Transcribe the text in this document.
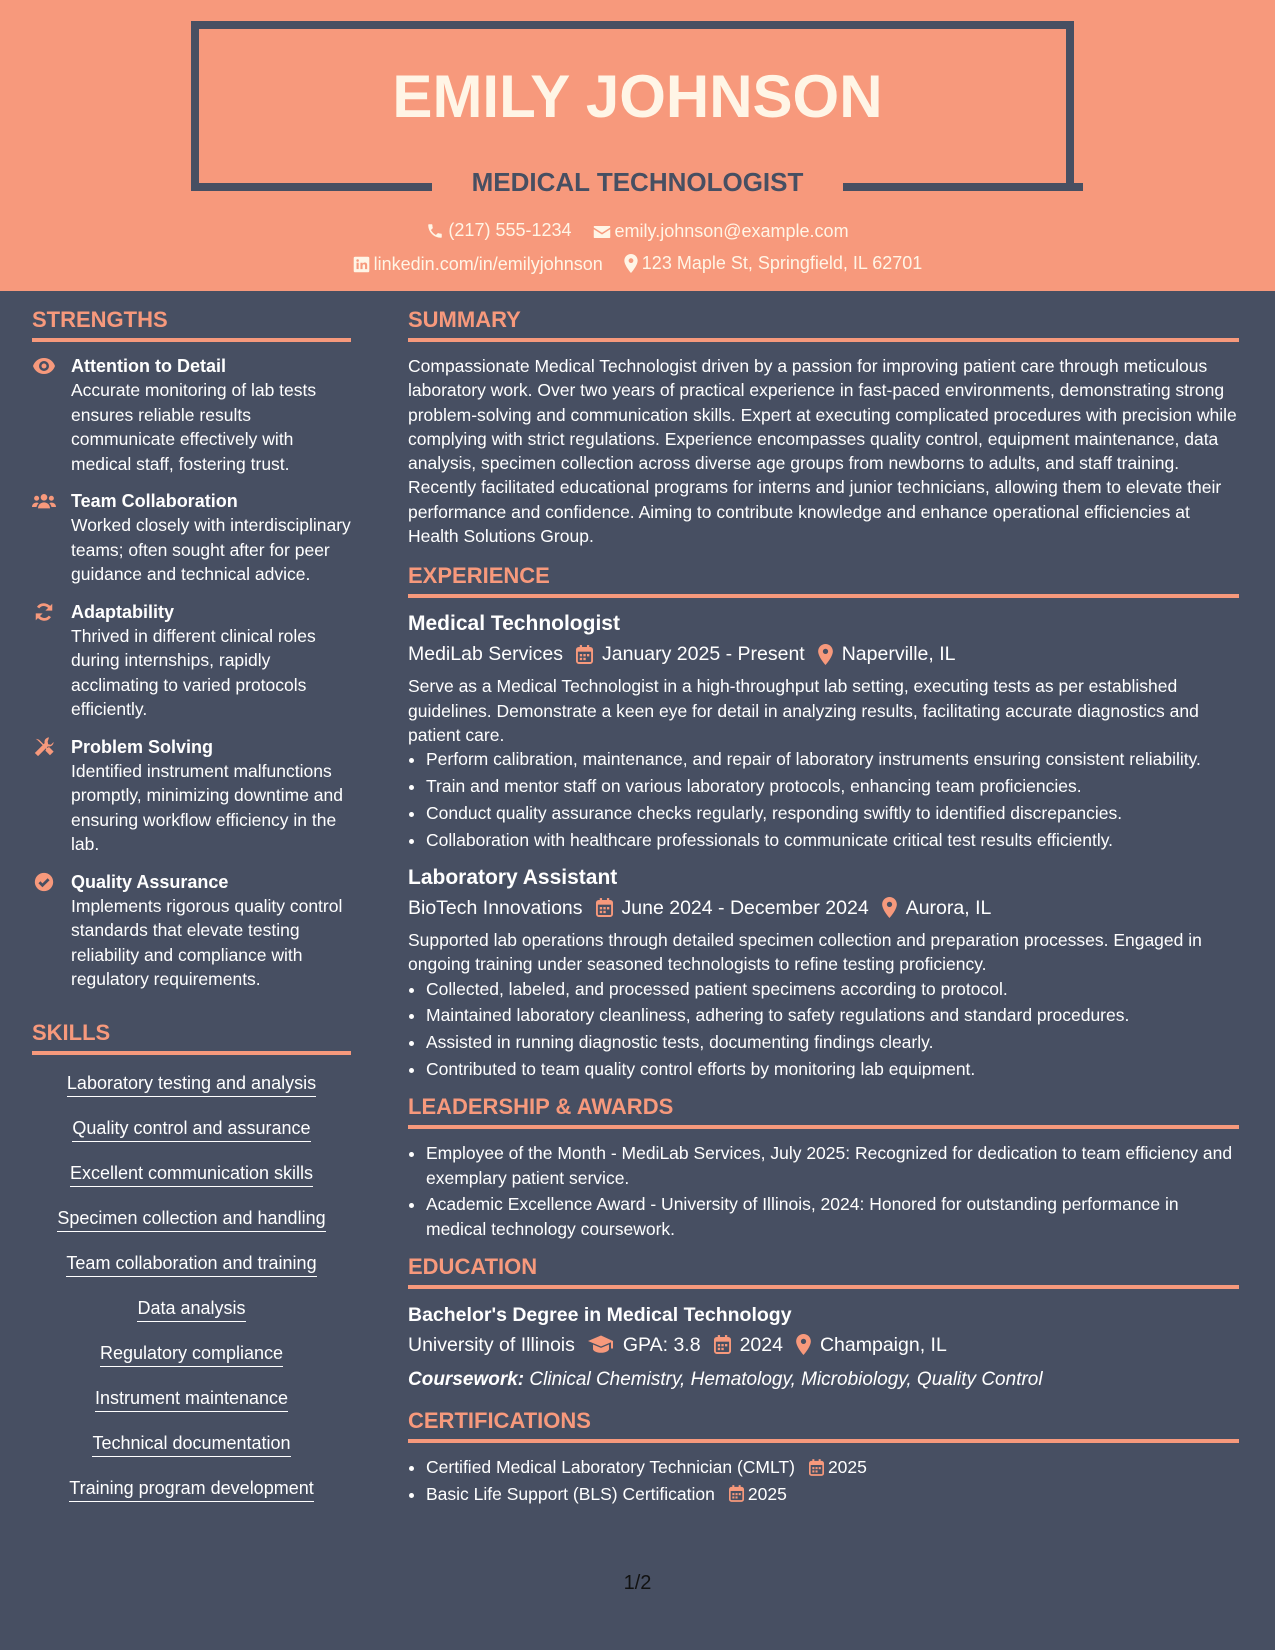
EMILY JOHNSON
MEDICAL TECHNOLOGIST
(217) 555-1234
emily.johnson@example.com
linkedin.com/in/emilyjohnson
123 Maple St, Springfield, IL 62701
STRENGTHS
Attention to Detail
Accurate monitoring of lab tests ensures reliable results communicate effectively with medical staff, fostering trust.
Team Collaboration
Worked closely with interdisciplinary teams; often sought after for peer guidance and technical advice.
Adaptability
Thrived in different clinical roles during internships, rapidly acclimating to varied protocols efficiently.
Problem Solving
Identified instrument malfunctions promptly, minimizing downtime and ensuring workflow efficiency in the lab.
Quality Assurance
Implements rigorous quality control standards that elevate testing reliability and compliance with regulatory requirements.
SKILLS
Laboratory testing and analysis
Quality control and assurance
Excellent communication skills
Specimen collection and handling
Team collaboration and training
Data analysis
Regulatory compliance
Instrument maintenance
Technical documentation
Training program development
SUMMARY

Compassionate Medical Technologist driven by a passion for improving patient care through meticulous laboratory work. Over two years of practical experience in fast-paced environments, demonstrating strong problem-solving and communication skills. Expert at executing complicated procedures with precision while complying with strict regulations. Experience encompasses quality control, equipment maintenance, data analysis, specimen collection across diverse age groups from newborns to adults, and staff training. Recently facilitated educational programs for interns and junior technicians, allowing them to elevate their performance and confidence. Aiming to contribute knowledge and enhance operational efficiencies at Health Solutions Group.

EXPERIENCE
Medical Technologist
MediLab Services January 2025 - Present Naperville, IL

Serve as a Medical Technologist in a high-throughput lab setting, executing tests as per established guidelines. Demonstrate a keen eye for detail in analyzing results, facilitating accurate diagnostics and patient care.

• Perform calibration, maintenance, and repair of laboratory instruments ensuring consistent reliability.
• Train and mentor staff on various laboratory protocols, enhancing team proficiencies.
• Conduct quality assurance checks regularly, responding swiftly to identified discrepancies.
• Collaboration with healthcare professionals to communicate critical test results efficiently.
Laboratory Assistant
BioTech Innovations June 2024 - December 2024 Aurora, IL

Supported lab operations through detailed specimen collection and preparation processes. Engaged in ongoing training under seasoned technologists to refine testing proficiency.

• Collected, labeled, and processed patient specimens according to protocol.
• Maintained laboratory cleanliness, adhering to safety regulations and standard procedures.
• Assisted in running diagnostic tests, documenting findings clearly.
• Contributed to team quality control efforts by monitoring lab equipment.
LEADERSHIP & AWARDS
• Employee of the Month - MediLab Services, July 2025: Recognized for dedication to team efficiency and exemplary patient service.
• Academic Excellence Award - University of Illinois, 2024: Honored for outstanding performance in medical technology coursework.
EDUCATION
Bachelor's Degree in Medical Technology
University of Illinois GPA: 3.8 2024 Champaign, IL
Coursework: Clinical Chemistry, Hematology, Microbiology, Quality Control
CERTIFICATIONS
• Certified Medical Laboratory Technician (CMLT) 2025
• Basic Life Support (BLS) Certification 2025
1/2
